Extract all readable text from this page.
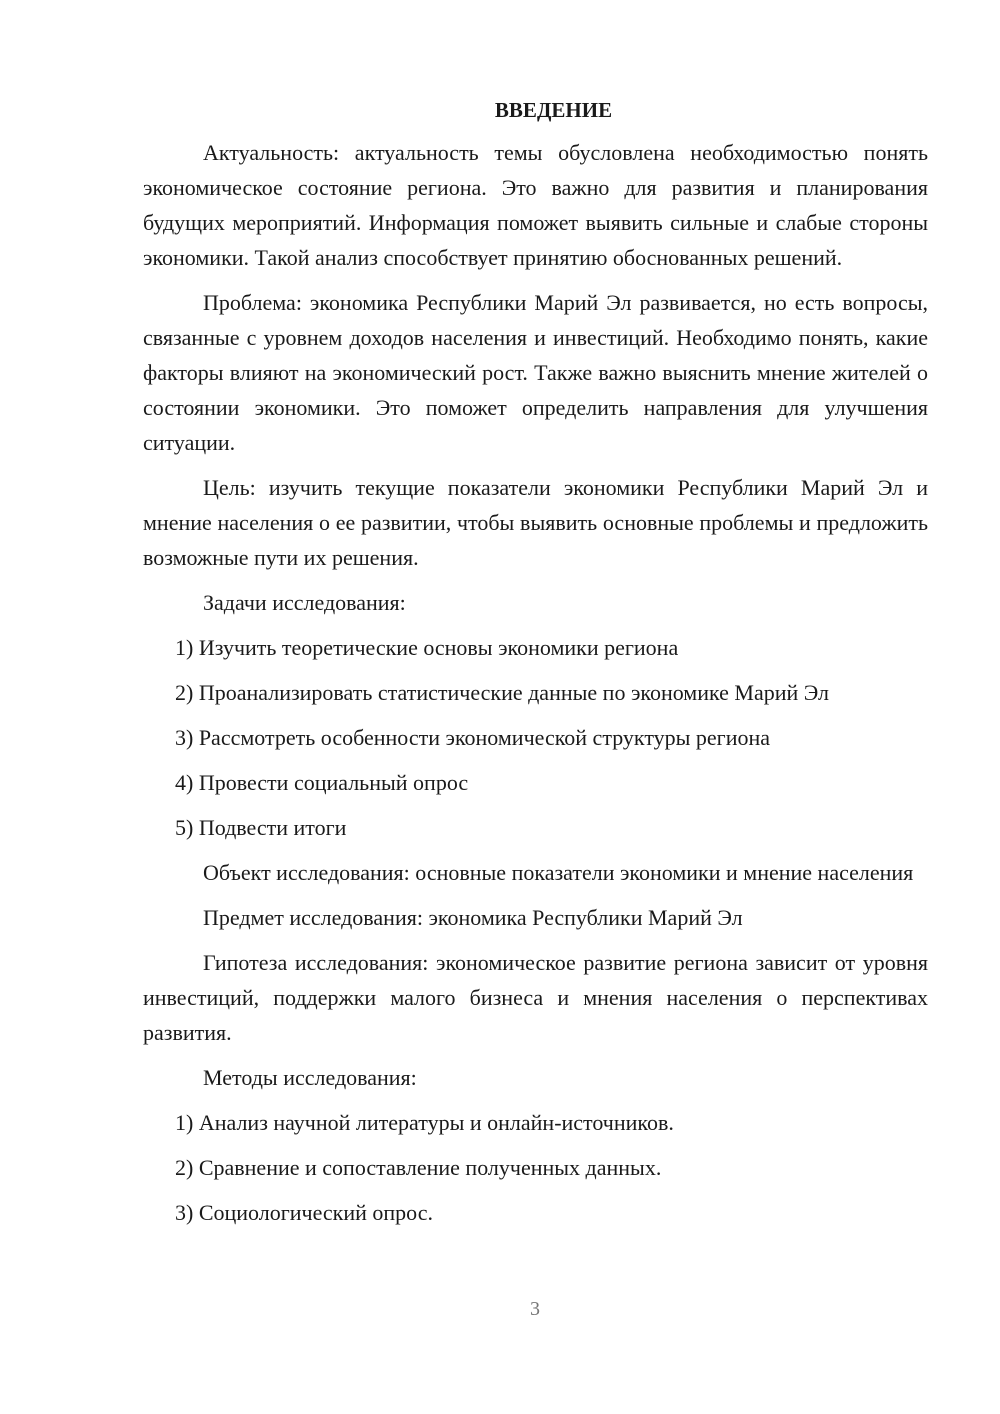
ВВЕДЕНИЕ

Актуальность: актуальность темы обусловлена необходимостью понять экономическое состояние региона. Это важно для развития и планирования будущих мероприятий. Информация поможет выявить сильные и слабые стороны экономики. Такой анализ способствует принятию обоснованных решений.

Проблема: экономика Республики Марий Эл развивается, но есть вопросы, связанные с уровнем доходов населения и инвестиций. Необходимо понять, какие факторы влияют на экономический рост. Также важно выяснить мнение жителей о состоянии экономики. Это поможет определить направления для улучшения ситуации.

Цель: изучить текущие показатели экономики Республики Марий Эл и мнение населения о ее развитии, чтобы выявить основные проблемы и предложить возможные пути их решения.

Задачи исследования:

1) Изучить теоретические основы экономики региона
2) Проанализировать статистические данные по экономике Марий Эл
3) Рассмотреть особенности экономической структуры региона
4) Провести социальный опрос
5) Подвести итоги

Объект исследования: основные показатели экономики и мнение населения

Предмет исследования: экономика Республики Марий Эл

Гипотеза исследования: экономическое развитие региона зависит от уровня инвестиций, поддержки малого бизнеса и мнения населения о перспективах развития.

Методы исследования:

1) Анализ научной литературы и онлайн-источников.
2) Сравнение и сопоставление полученных данных.
3) Социологический опрос.
3
